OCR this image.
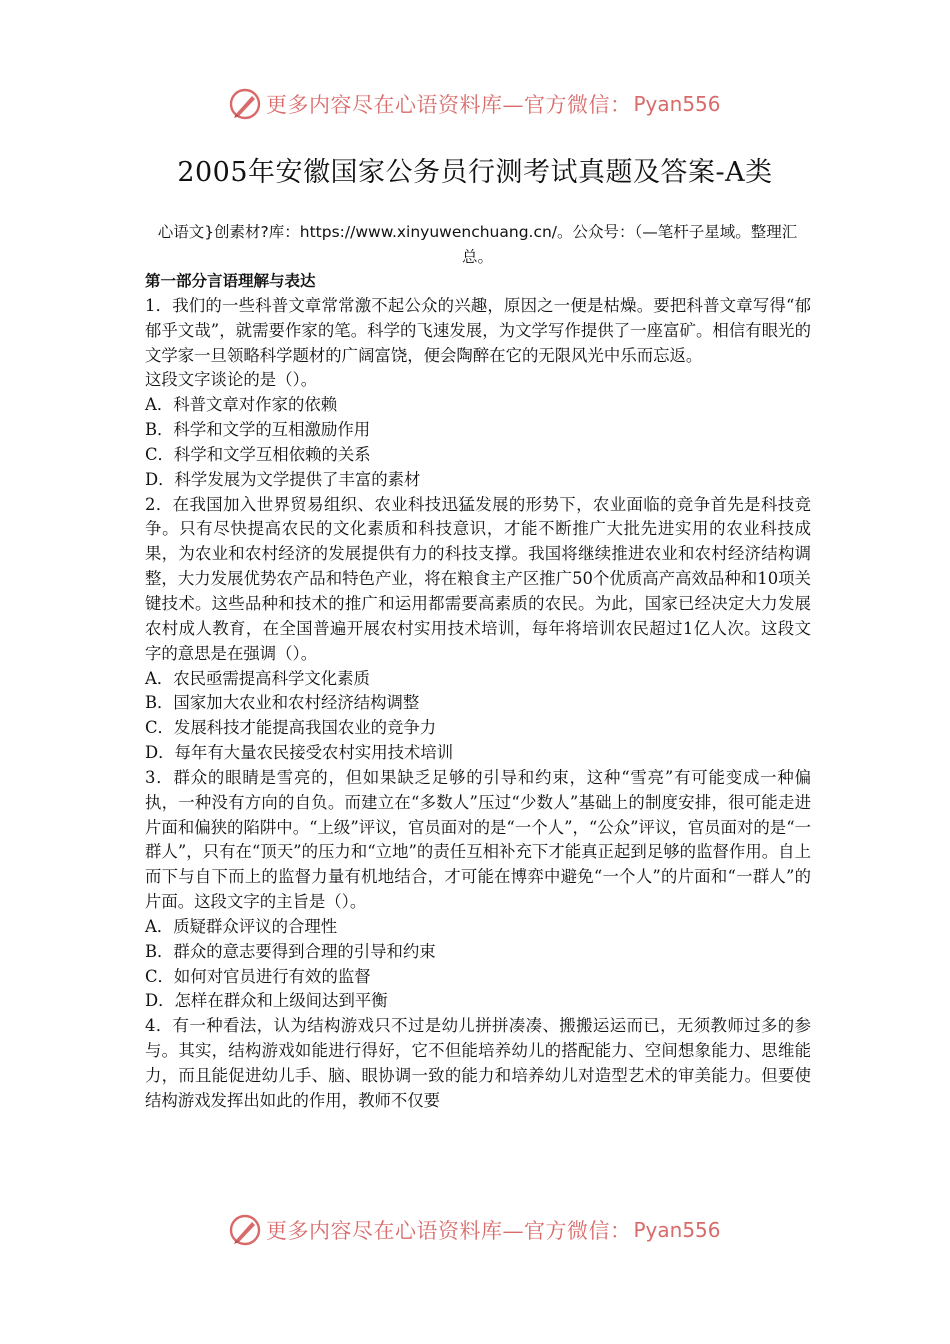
更多内容尽在心语资料库—官方微信： Pyan556
2005年安徽国家公务员行测考试真题及答案-A类
心语文}创素材?库：https://www.xinyuwenchuang.cn/。公众号：（—笔杆子星域。整理汇总。

第一部分言语理解与表达

1．我们的一些科普文章常常激不起公众的兴趣，原因之一便是枯燥。要把科普文章写得“郁郁乎文哉”，就需要作家的笔。科学的飞速发展，为文学写作提供了一座富矿。相信有眼光的文学家一旦领略科学题材的广阔富饶，便会陶醉在它的无限风光中乐而忘返。

这段文字谈论的是（）。

A．科普文章对作家的依赖

B．科学和文学的互相激励作用

C．科学和文学互相依赖的关系

D．科学发展为文学提供了丰富的素材

2．在我国加入世界贸易组织、农业科技迅猛发展的形势下，农业面临的竞争首先是科技竞争。只有尽快提高农民的文化素质和科技意识，才能不断推广大批先进实用的农业科技成果，为农业和农村经济的发展提供有力的科技支撑。我国将继续推进农业和农村经济结构调整，大力发展优势农产品和特色产业，将在粮食主产区推广50个优质高产高效品种和10项关键技术。这些品种和技术的推广和运用都需要高素质的农民。为此，国家已经决定大力发展农村成人教育，在全国普遍开展农村实用技术培训，每年将培训农民超过1亿人次。这段文字的意思是在强调（）。

A．农民亟需提高科学文化素质

B．国家加大农业和农村经济结构调整

C．发展科技才能提高我国农业的竞争力

D．每年有大量农民接受农村实用技术培训

3．群众的眼睛是雪亮的，但如果缺乏足够的引导和约束，这种“雪亮”有可能变成一种偏执，一种没有方向的自负。而建立在“多数人”压过“少数人”基础上的制度安排，很可能走进片面和偏狭的陷阱中。“上级”评议，官员面对的是“一个人”，“公众”评议，官员面对的是“一群人”，只有在“顶天”的压力和“立地”的责任互相补充下才能真正起到足够的监督作用。自上而下与自下而上的监督力量有机地结合，才可能在博弈中避免“一个人”的片面和“一群人”的片面。这段文字的主旨是（）。

A．质疑群众评议的合理性

B．群众的意志要得到合理的引导和约束

C．如何对官员进行有效的监督

D．怎样在群众和上级间达到平衡

4．有一种看法，认为结构游戏只不过是幼儿拼拼凑凑、搬搬运运而已，无须教师过多的参与。其实，结构游戏如能进行得好，它不但能培养幼儿的搭配能力、空间想象能力、思维能力，而且能促进幼儿手、脑、眼协调一致的能力和培养幼儿对造型艺术的审美能力。但要使结构游戏发挥出如此的作用，教师不仅要

更多内容尽在心语资料库—官方微信： Pyan556
